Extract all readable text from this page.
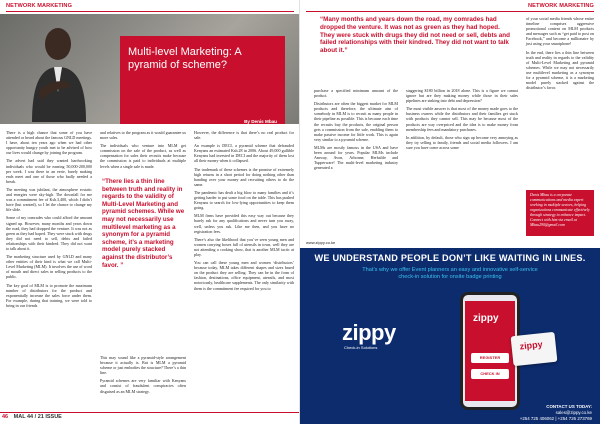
NETWORK MARKETING
Multi-level Marketing: A pyramid of scheme?
By Denis Mbau

There is a high chance that some of you have attended or heard about the famous GNLD meetings. I have, about ten years ago when we had other opportunity hungry youth met to be advised of how our lives would change by joining the program.

The advert had said they wanted hardworking individuals who would be earning 50,000-200,000 per week. I was there in an eerie, barely making ends meet and one of those who badly needed a break.

The meeting was jubilant, the atmosphere ecstatic and energies were sky-high. The downfall for me was a commitment fee of Ksh.3,400, which I didn’t have (but wanted), so I let the chance to change my life slide.

Some of my comrades who could afford the amount signed up. However, many months and years down the road, they had dropped the venture. It was not as green as they had hoped. They were stuck with drugs they did not need to sell, debts and failed relationships with their kindred. They did not want to talk about it.

The marketing structure used by GNLD and many other entities of their kind is what we call Multi-Level Marketing (MLM). It involves the use of word of mouth and direct sales in selling products to the public.

The key goal of MLM is to promote the maximum number of distributors for the product and exponentially increase the sales force under them. For example, during that training, we were told to bring in our friends

and relatives to the program as it would guarantee us more sales.

The individuals who venture into MLM get commission on the sale of the product, as well as compensation for sales their recruits make because the commission is paid to individuals at multiple levels when a single sale is made.

“There lies a thin line between truth and reality in regards to the validity of Multi-Level Marketing and pyramid schemes. While we may not necessarily use multilevel marketing as a synonym for a pyramid scheme, it’s a marketing model purely stacked against the distributor’s favor. ”

This may sound like a pyramid-style arrangement because it actually is. But is MLM a pyramid scheme or just embodies the structure? There’s a thin line.

Pyramid schemes are very familiar with Kenyans and consist of fraudulent conspiracies often disguised as an MLM strategy.

However, the difference is that there’s no real product for sale.

An example is DECI, a pyramid scheme that defrauded Kenyans an estimated Ksh.28 in 2006. About 49,000 gullible Kenyans had invested in DECI and the majority of them lost all their money when it collapsed.

The trademark of these schemes is the promise of extremely high returns in a short period for doing nothing other than handing over your money and recruiting others to do the same.

The pandemic has dealt a big blow to many families and it’s getting harder to put some food on the table. This has pushed Kenyans to search for low-lying opportunities to keep them going.

MLM firms have provided this easy way out because they barely ask for any qualifications and never turn you away, well, unless you ask. Like me then, and you have no registration fees.

There’s also the likelihood that you’ve seen young men and women carrying boxes full of utensils in town, well they are not attending a cooking show, that is another MLM tactic at play.

You can call these young men and women ‘distributors’ because today, MLM takes different shapes and sizes based on the product they are selling. They can be in the form of fashion, destinations, office equipment, utensils, and most notoriously, healthcare supplements. The only similarity with them is the commitment fee required for you to

46 MAL 44 / 21 ISSUE
NETWORK MARKETING
“Many months and years down the road, my comrades had dropped the venture. It was not as green as they had hoped. They were stuck with drugs they did not need or sell, debts and failed relationships with their kindred. They did not want to talk about it.”

purchase a specified minimum amount of the product.

Distributors are often the biggest market for MLM products and therefore, the ultimate aim of somebody in MLM is to recruit as many people in their pipeline as possible. This is because each time the recruits buy the products, the original person gets a commission from the sale, enabling them to make passive income for little work. This is again very similar to a pyramid scheme.

MLMs are mostly famous in the USA and have been around for years. Popular MLMs include Amway, Avon, Arbonne, Herbalife and Tupperware! The multi-level marketing industry generated a

staggering $180 billion in 2018 alone. This is a figure we cannot ignore but are they making money while those in their sales pipelines are sinking into debt and depression?

The most visible answer is that most of the money made goes to the business owners while the distributors and their families get stuck with products they cannot sell. This may be because most of the products are way overpriced and the idea is to make money from membership fees and mandatory purchases.

In addition, by default, those who sign up become very annoying as they try selling to family, friends and social media followers. I am sure you have come across some

of your social media friends whose entire timeline comprises aggressive promotional content on MLM products and messages such as “get paid to post on Facebook,” and become a millionaire by just using your smartphone!

In the end, there lies a thin line between truth and reality in regards to the validity of Multi-Level Marketing and pyramid schemes. While we may not necessarily use multilevel marketing as a synonym for a pyramid scheme, it is a marketing model purely stacked against the distributor’s favor.

Denis Mbau is a corporate communications and media expert working in multiple sectors, helping organizations communicate effectively through strategy to enhance impact. Connect with him via email at Mbau290@gmail.com
WE UNDERSTAND PEOPLE DON’T LIKE WAITING IN LINES.
That’s why we offer Event planners an easy and innovative self-service
check-in solution for onsite badge printing
zippy
Check-in Solutions
zippy
REGISTER
CHECK IN
zippy
CONTACT US TODAY:
sales@zippy.co.ke
+254 725 406062 | +254 726 273769
www.zippy.co.ke
